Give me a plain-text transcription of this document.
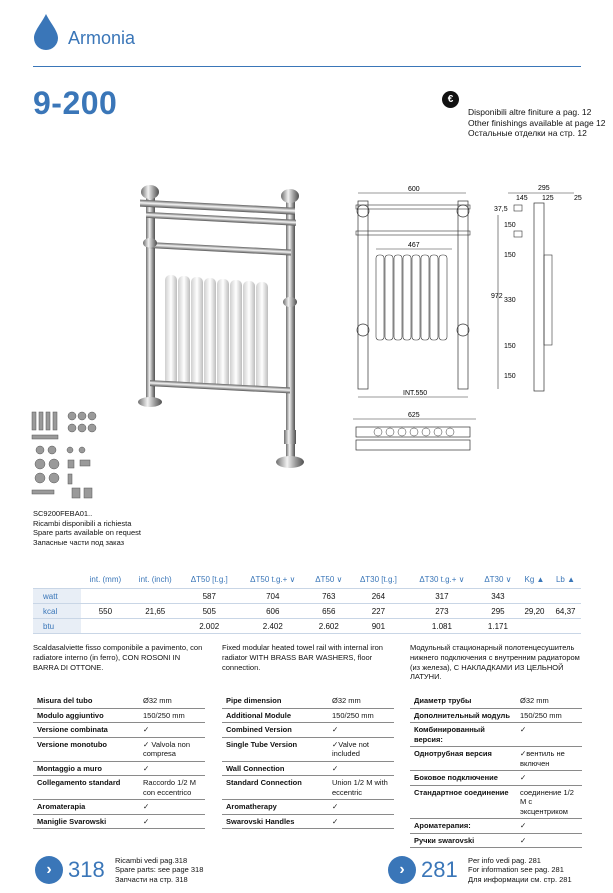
Armonia
9-200	€
Disponibili altre finiture a pag. 12
Other finishings available at page 12
Остальные отделки на стр. 12
600
467
INT.550
625
295
145 125	25
37,5
972
330
150
150
150
150
SC9200FEBA01..
Ricambi disponibili a richiesta
Spare parts available on request
Запасные части под заказ
	int. (mm)	int. (inch)	ΔT50 [t.g.]	ΔT50 t.g.+ ∨	ΔT50 ∨	ΔT30 [t.g.]	ΔT30 t.g.+ ∨	ΔT30 ∨	Kg ▲	Lb ▲
watt			587	704	763	264	317	343		
kcal	550	21,65	505	606	656	227	273	295	29,20	64,37
btu			2.002	2.402	2.602	901	1.081	1.171		
Scaldasalviette fisso componibile a pavimento, con radiatore interno (in ferro), CON ROSONI IN BARRA DI OTTONE.
Fixed modular heated towel rail with internal iron radiator WITH BRASS BAR WASHERS, floor connection.
Модульный стационарный полотенцесушитель нижнего подключения с внутренним радиатором (из железа), С НАКЛАДКАМИ ИЗ ЦЕЛЬНОЙ ЛАТУНИ.
Misura del tubo	Ø32 mm
Modulo aggiuntivo	150/250 mm
Versione combinata	✓
Versione monotubo	✓ Valvola non compresa
Montaggio a muro	✓
Collegamento standard	Raccordo 1/2 M con eccentrico
Aromaterapia	✓
Maniglie Svarowski	✓
Pipe dimension	Ø32 mm
Additional Module	150/250 mm
Combined Version	✓
Single Tube Version	✓Valve not included
Wall Connection	✓
Standard Connection	Union 1/2 M with eccentric
Aromatherapy	✓
Swarovski Handles	✓
Диаметр трубы	Ø32 mm
Дополнительный модуль	150/250 mm
Комбинированный версия:	✓
Однотрубная версия	✓вентиль не включен
Боковое подключение	✓
Стандартное соединение	соединение 1/2 M с эксцентриком
Ароматерапия:	✓
Ручки swarovski	✓
› 318 Ricambi vedi pag.318
Spare parts: see page 318
Запчасти на стр. 318
› 281 Per info vedi pag. 281
For information see pag. 281
Для информации см. стр. 281
